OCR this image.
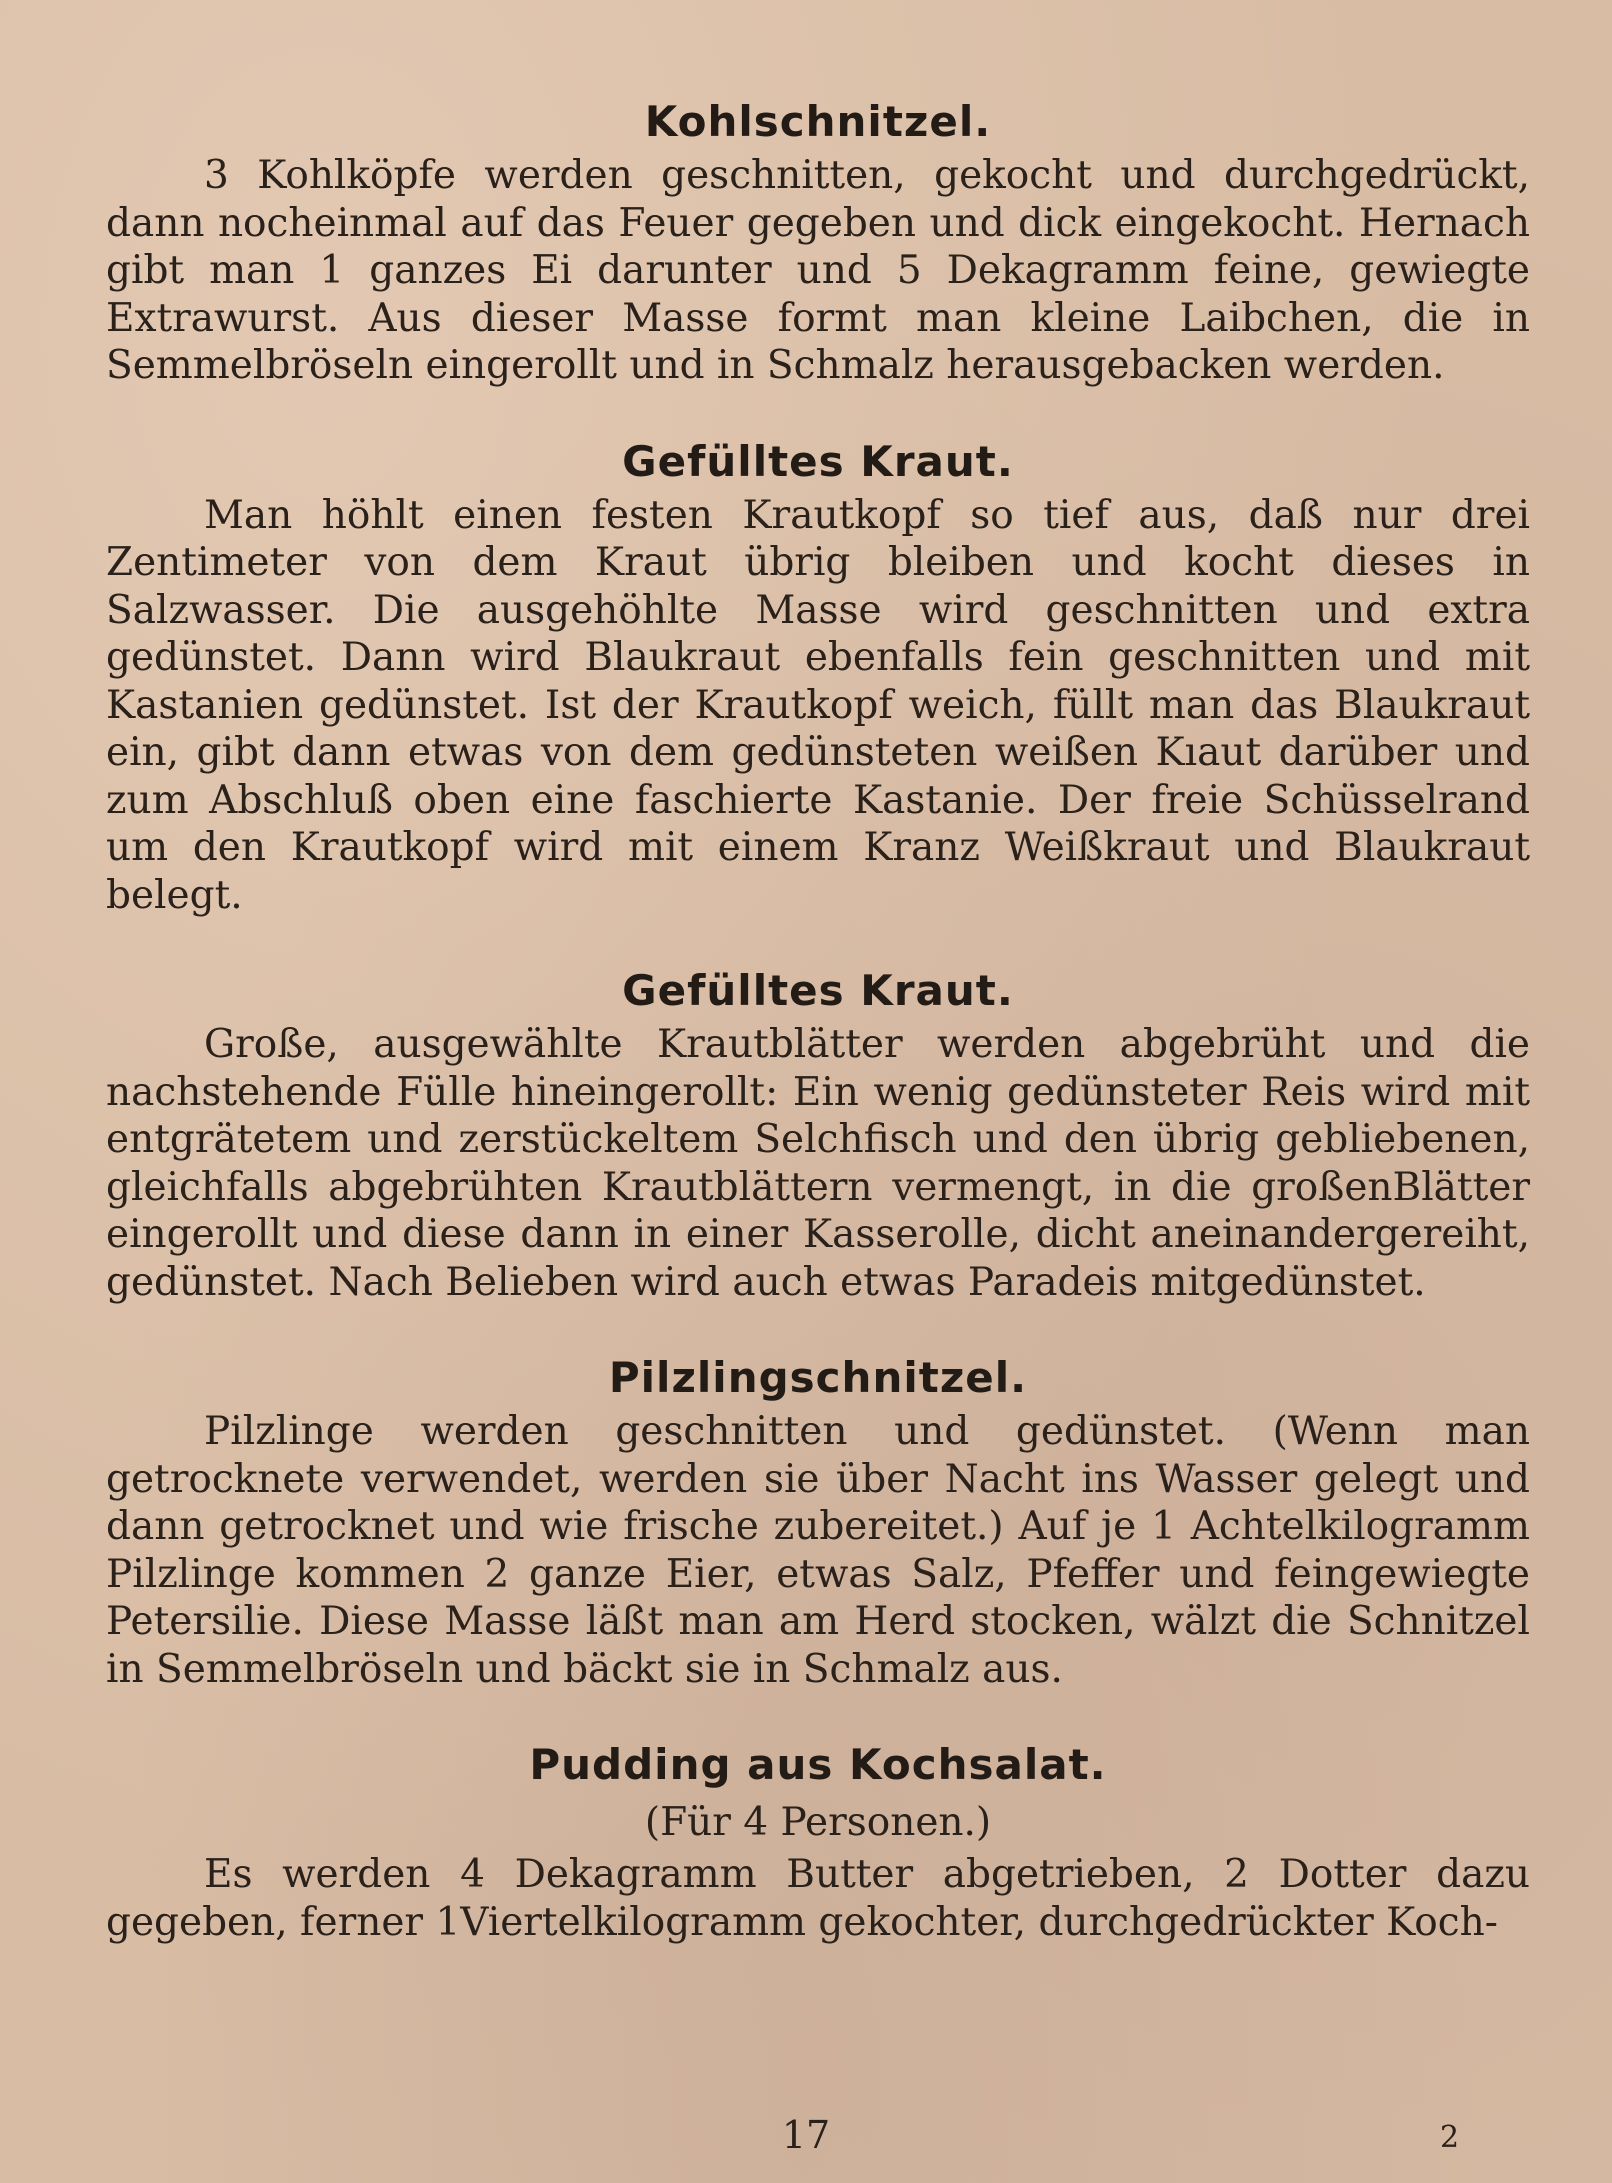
Kohlschnitzel.

3 Kohlköpfe werden geschnitten, gekocht und durchgedrückt, dann nocheinmal auf das Feuer gegeben und dick eingekocht. Hernach gibt man 1 ganzes Ei darunter und 5 Dekagramm feine, gewiegte Extrawurst. Aus dieser Masse formt man kleine Laibchen, die in Semmelbröseln eingerollt und in Schmalz herausgebacken werden.

Gefülltes Kraut.

Man höhlt einen festen Krautkopf so tief aus, daß nur drei Zentimeter von dem Kraut übrig bleiben und kocht dieses in Salzwasser. Die ausgehöhlte Masse wird geschnitten und extra gedünstet. Dann wird Blaukraut ebenfalls fein geschnitten und mit Kastanien gedünstet. Ist der Krautkopf weich, füllt man das Blaukraut ein, gibt dann etwas von dem gedünsteten weißen Kıaut darüber und zum Abschluß oben eine faschierte Kastanie. Der freie Schüsselrand um den Krautkopf wird mit einem Kranz Weißkraut und Blaukraut belegt.

Gefülltes Kraut.

Große, ausgewählte Krautblätter werden abgebrüht und die nachstehende Fülle hineingerollt: Ein wenig gedünsteter Reis wird mit entgrätetem und zerstückeltem Selchfisch und den übrig gebliebenen, gleichfalls abgebrühten Krautblättern vermengt, in die großenBlätter eingerollt und diese dann in einer Kasserolle, dicht aneinandergereiht, gedünstet. Nach Belieben wird auch etwas Paradeis mitgedünstet.

Pilzlingschnitzel.

Pilzlinge werden geschnitten und gedünstet. (Wenn man getrocknete verwendet, werden sie über Nacht ins Wasser gelegt und dann getrocknet und wie frische zubereitet.) Auf je 1 Achtelkilogramm Pilzlinge kommen 2 ganze Eier, etwas Salz, Pfeffer und feingewiegte Petersilie. Diese Masse läßt man am Herd stocken, wälzt die Schnitzel in Semmelbröseln und bäckt sie in Schmalz aus.

Pudding aus Kochsalat.

(Für 4 Personen.)

Es werden 4 Dekagramm Butter abgetrieben, 2 Dotter dazu gegeben, ferner 1Viertelkilogramm gekochter, durchgedrückter Koch-

17	2
